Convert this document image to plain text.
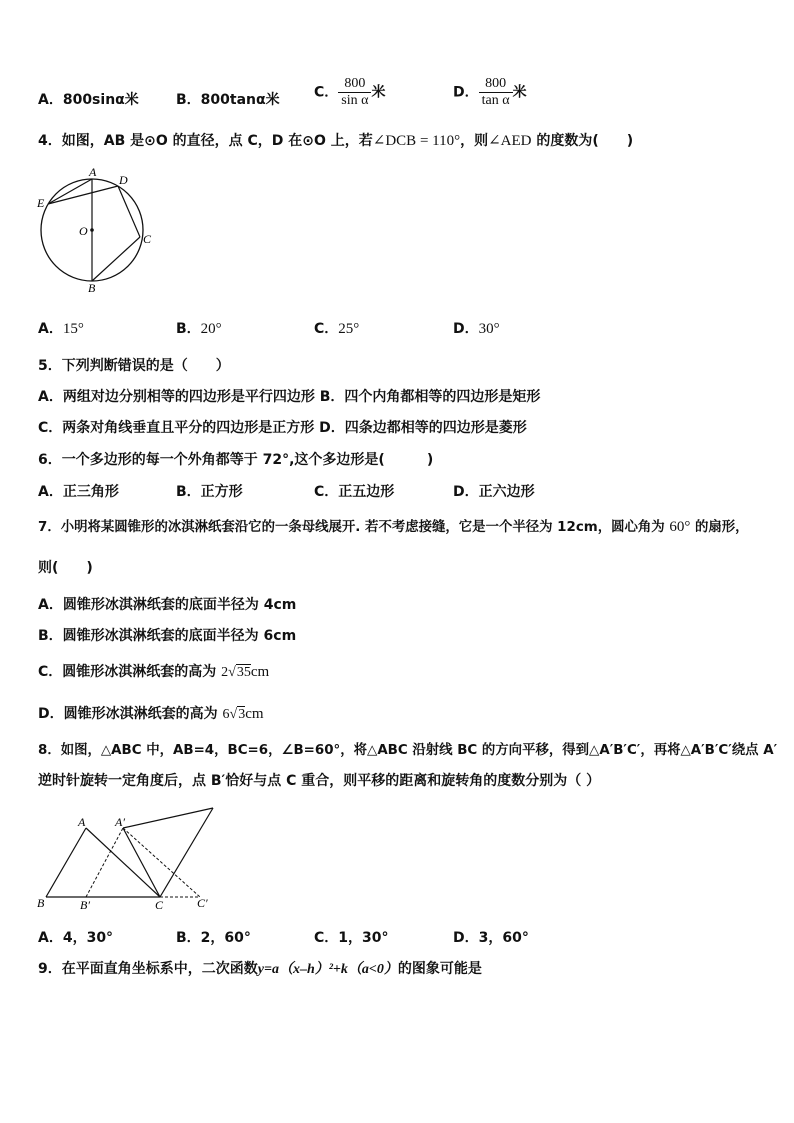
A．800sinα米	B．800tanα米 C． $\frac{800}{\text{sin α}}$ 米	D． $\frac{800}{\text{tan α}}$ 米
4．如图，AB 是⊙O 的直径，点 C，D 在⊙O 上，若∠DCB = 110°，则∠AED 的度数为(　　)
A
D
E
O
C
B
A．15°	B．20°	C．25°	D．30°
5．下列判断错误的是（　　）
A．两组对边分别相等的四边形是平行四边形 B．四个内角都相等的四边形是矩形
C．两条对角线垂直且平分的四边形是正方形 D．四条边都相等的四边形是菱形
6．一个多边形的每一个外角都等于 72°,这个多边形是(　　　)
A．正三角形	B．正方形	C．正五边形	D．正六边形
7．小明将某圆锥形的冰淇淋纸套沿它的一条母线展开. 若不考虑接缝，它是一个半径为 12cm，圆心角为 60° 的扇形，
则(　　)
A．圆锥形冰淇淋纸套的底面半径为 4cm
B．圆锥形冰淇淋纸套的底面半径为 6cm
C．圆锥形冰淇淋纸套的高为 2√35cm
D．圆锥形冰淇淋纸套的高为 6√3cm
8．如图，△ABC 中，AB=4，BC=6，∠B=60°，将△ABC 沿射线 BC 的方向平移，得到△A′B′C′，再将△A′B′C′绕点 A′
逆时针旋转一定角度后，点 B′恰好与点 C 重合，则平移的距离和旋转角的度数分别为（ ）
A A′
B	B′	C	C′
A．4，30°	B．2，60°	C．1，30°	D．3，60°
9．在平面直角坐标系中，二次函数y=a（x–h）²+k（a<0）的图象可能是
